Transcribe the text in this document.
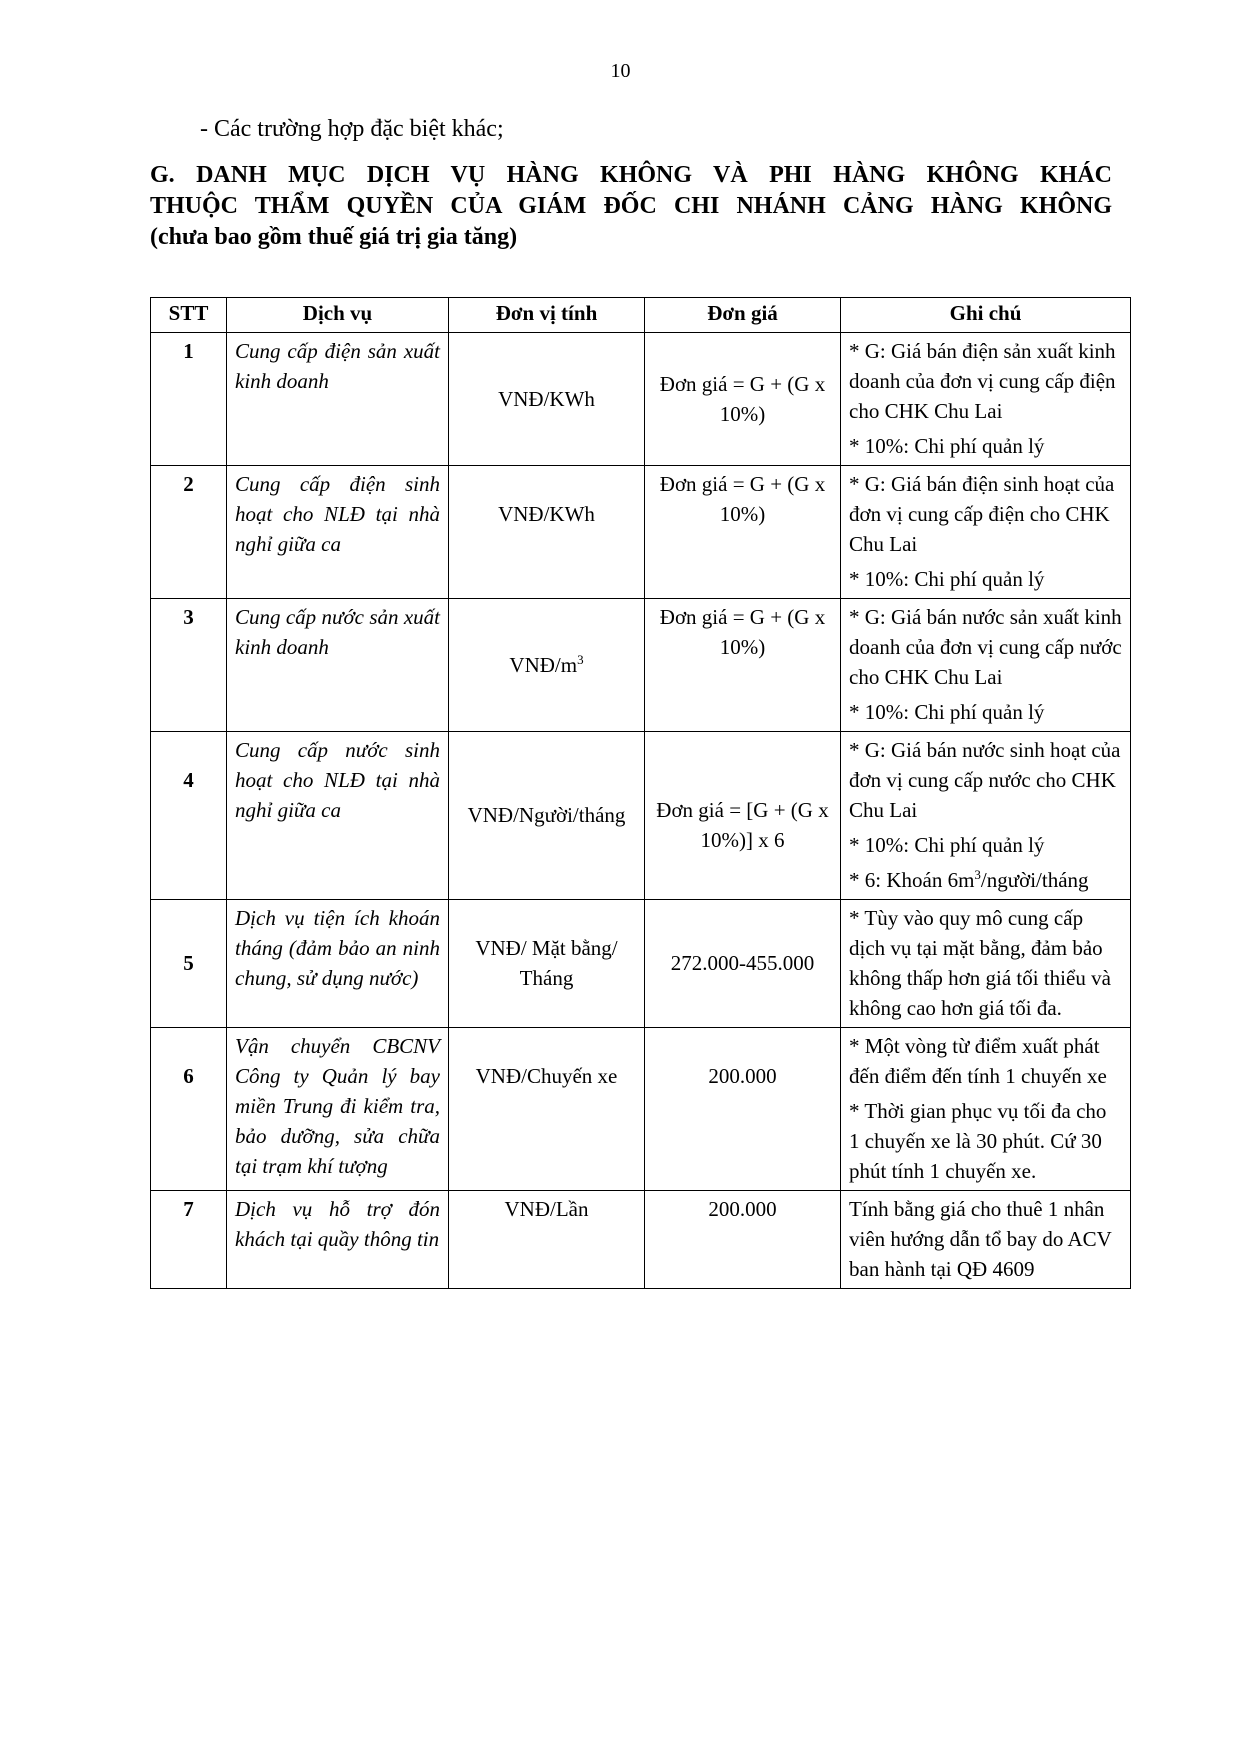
10
- Các trường hợp đặc biệt khác;
G. DANH MỤC DỊCH VỤ HÀNG KHÔNG VÀ PHI HÀNG KHÔNG KHÁC
THUỘC THẨM QUYỀN CỦA GIÁM ĐỐC CHI NHÁNH CẢNG HÀNG KHÔNG
(chưa bao gồm thuế giá trị gia tăng)
STT	Dịch vụ	Đơn vị tính	Đơn giá	Ghi chú
1	Cung cấp điện sản xuất kinh doanh	VNĐ/KWh	Đơn giá = G + (G x 10%)	* G: Giá bán điện sản xuất kinh doanh của đơn vị cung cấp điện cho CHK Chu Lai

* 10%: Chi phí quản lý

2	Cung cấp điện sinh hoạt cho NLĐ tại nhà nghỉ giữa ca	VNĐ/KWh	Đơn giá = G + (G x 10%)	* G: Giá bán điện sinh hoạt của đơn vị cung cấp điện cho CHK Chu Lai

* 10%: Chi phí quản lý

3	Cung cấp nước sản xuất kinh doanh	VNĐ/$m^3$	Đơn giá = G + (G x 10%)	* G: Giá bán nước sản xuất kinh doanh của đơn vị cung cấp nước cho CHK Chu Lai

* 10%: Chi phí quản lý

4	Cung cấp nước sinh hoạt cho NLĐ tại nhà nghỉ giữa ca	VNĐ/Người/tháng	Đơn giá = [G + (G x 10%)] x 6	* G: Giá bán nước sinh hoạt của đơn vị cung cấp nước cho CHK Chu Lai

* 10%: Chi phí quản lý

* 6: Khoán $6m^3/người$/tháng

5	Dịch vụ tiện ích khoán tháng (đảm bảo an ninh chung, sử dụng nước)	VNĐ/ Mặt bằng/ Tháng	272.000-455.000	* Tùy vào quy mô cung cấp dịch vụ tại mặt bằng, đảm bảo không thấp hơn giá tối thiểu và không cao hơn giá tối đa.

6	Vận chuyển CBCNV Công ty Quản lý bay miền Trung đi kiểm tra, bảo dưỡng, sửa chữa tại trạm khí tượng	VNĐ/Chuyến xe	200.000	* Một vòng từ điểm xuất phát đến điểm đến tính 1 chuyến xe

* Thời gian phục vụ tối đa cho 1 chuyến xe là 30 phút. Cứ 30 phút tính 1 chuyến xe.

7	Dịch vụ hỗ trợ đón khách tại quầy thông tin	VNĐ/Lần	200.000	Tính bằng giá cho thuê 1 nhân viên hướng dẫn tổ bay do ACV ban hành tại QĐ 4609
